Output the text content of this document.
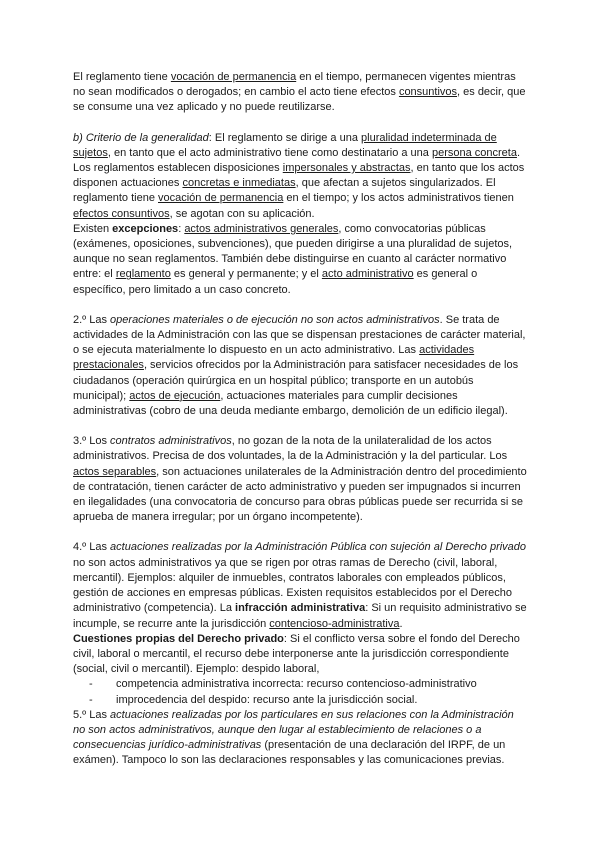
El reglamento tiene vocación de permanencia en el tiempo, permanecen vigentes mientras no sean modificados o derogados; en cambio el acto tiene efectos consuntivos, es decir, que se consume una vez aplicado y no puede reutilizarse.

b) Criterio de la generalidad: El reglamento se dirige a una pluralidad indeterminada de sujetos, en tanto que el acto administrativo tiene como destinatario a una persona concreta. Los reglamentos establecen disposiciones impersonales y abstractas, en tanto que los actos disponen actuaciones concretas e inmediatas, que afectan a sujetos singularizados. El reglamento tiene vocación de permanencia en el tiempo; y los actos administrativos tienen efectos consuntivos, se agotan con su aplicación.

Existen excepciones: actos administrativos generales, como convocatorias públicas (exámenes, oposiciones, subvenciones), que pueden dirigirse a una pluralidad de sujetos, aunque no sean reglamentos. También debe distinguirse en cuanto al carácter normativo entre: el reglamento es general y permanente; y el acto administrativo es general o específico, pero limitado a un caso concreto.

2.º Las operaciones materiales o de ejecución no son actos administrativos. Se trata de actividades de la Administración con las que se dispensan prestaciones de carácter material, o se ejecuta materialmente lo dispuesto en un acto administrativo. Las actividades prestacionales, servicios ofrecidos por la Administración para satisfacer necesidades de los ciudadanos (operación quirúrgica en un hospital público; transporte en un autobús municipal); actos de ejecución, actuaciones materiales para cumplir decisiones administrativas (cobro de una deuda mediante embargo, demolición de un edificio ilegal).

3.º Los contratos administrativos, no gozan de la nota de la unilateralidad de los actos administrativos. Precisa de dos voluntades, la de la Administración y la del particular. Los actos separables, son actuaciones unilaterales de la Administración dentro del procedimiento de contratación, tienen carácter de acto administrativo y pueden ser impugnados si incurren en ilegalidades (una convocatoria de concurso para obras públicas puede ser recurrida si se aprueba de manera irregular; por un órgano incompetente).

4.º Las actuaciones realizadas por la Administración Pública con sujeción al Derecho privado no son actos administrativos ya que se rigen por otras ramas de Derecho (civil, laboral, mercantil). Ejemplos: alquiler de inmuebles, contratos laborales con empleados públicos, gestión de acciones en empresas públicas. Existen requisitos establecidos por el Derecho administrativo (competencia). La infracción administrativa: Si un requisito administrativo se incumple, se recurre ante la jurisdicción contencioso-administrativa.
Cuestiones propias del Derecho privado: Si el conflicto versa sobre el fondo del Derecho civil, laboral o mercantil, el recurso debe interponerse ante la jurisdicción correspondiente (social, civil o mercantil). Ejemplo: despido laboral,

- competencia administrativa incorrecta: recurso contencioso-administrativo
- improcedencia del despido: recurso ante la jurisdicción social.

5.º Las actuaciones realizadas por los particulares en sus relaciones con la Administración no son actos administrativos, aunque den lugar al establecimiento de relaciones o a consecuencias jurídico-administrativas (presentación de una declaración del IRPF, de un exámen). Tampoco lo son las declaraciones responsables y las comunicaciones previas.
